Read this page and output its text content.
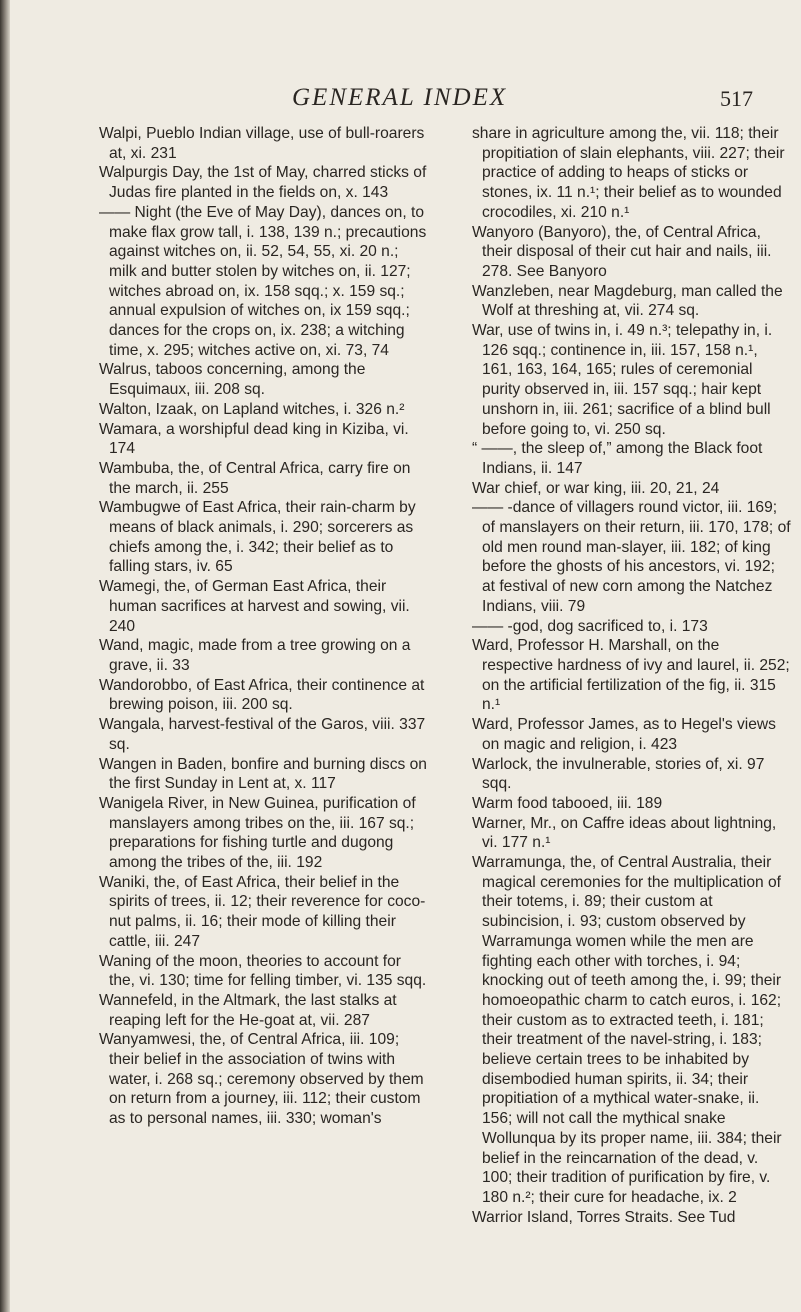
GENERAL INDEX	517

Walpi, Pueblo Indian village, use of bull-roarers at, xi. 231

Walpurgis Day, the 1st of May, charred sticks of Judas fire planted in the fields on, x. 143

—— Night (the Eve of May Day), dances on, to make flax grow tall, i. 138, 139 n.; precautions against witches on, ii. 52, 54, 55, xi. 20 n.; milk and butter stolen by witches on, ii. 127; witches abroad on, ix. 158 sqq.; x. 159 sq.; annual expulsion of witches on, ix 159 sqq.; dances for the crops on, ix. 238; a witching time, x. 295; witches active on, xi. 73, 74

Walrus, taboos concerning, among the Esquimaux, iii. 208 sq.

Walton, Izaak, on Lapland witches, i. 326 n.²

Wamara, a worshipful dead king in Kiziba, vi. 174

Wambuba, the, of Central Africa, carry fire on the march, ii. 255

Wambugwe of East Africa, their rain-charm by means of black animals, i. 290; sorcerers as chiefs among the, i. 342; their belief as to falling stars, iv. 65

Wamegi, the, of German East Africa, their human sacrifices at harvest and sowing, vii. 240

Wand, magic, made from a tree growing on a grave, ii. 33

Wandorobbo, of East Africa, their continence at brewing poison, iii. 200 sq.

Wangala, harvest-festival of the Garos, viii. 337 sq.

Wangen in Baden, bonfire and burning discs on the first Sunday in Lent at, x. 117

Wanigela River, in New Guinea, purification of manslayers among tribes on the, iii. 167 sq.; preparations for fishing turtle and dugong among the tribes of the, iii. 192

Waniki, the, of East Africa, their belief in the spirits of trees, ii. 12; their reverence for coco-nut palms, ii. 16; their mode of killing their cattle, iii. 247

Waning of the moon, theories to account for the, vi. 130; time for felling timber, vi. 135 sqq.

Wannefeld, in the Altmark, the last stalks at reaping left for the He-goat at, vii. 287

Wanyamwesi, the, of Central Africa, iii. 109; their belief in the association of twins with water, i. 268 sq.; ceremony observed by them on return from a journey, iii. 112; their custom as to personal names, iii. 330; woman's

share in agriculture among the, vii. 118; their propitiation of slain elephants, viii. 227; their practice of adding to heaps of sticks or stones, ix. 11 n.¹; their belief as to wounded crocodiles, xi. 210 n.¹

Wanyoro (Banyoro), the, of Central Africa, their disposal of their cut hair and nails, iii. 278. See Banyoro

Wanzleben, near Magdeburg, man called the Wolf at threshing at, vii. 274 sq.

War, use of twins in, i. 49 n.³; telepathy in, i. 126 sqq.; continence in, iii. 157, 158 n.¹, 161, 163, 164, 165; rules of ceremonial purity observed in, iii. 157 sqq.; hair kept unshorn in, iii. 261; sacrifice of a blind bull before going to, vi. 250 sq.

“ ——, the sleep of,” among the Black foot Indians, ii. 147

War chief, or war king, iii. 20, 21, 24

—— -dance of villagers round victor, iii. 169; of manslayers on their return, iii. 170, 178; of old men round man-slayer, iii. 182; of king before the ghosts of his ancestors, vi. 192; at festival of new corn among the Natchez Indians, viii. 79

—— -god, dog sacrificed to, i. 173

Ward, Professor H. Marshall, on the respective hardness of ivy and laurel, ii. 252; on the artificial fertilization of the fig, ii. 315 n.¹

Ward, Professor James, as to Hegel's views on magic and religion, i. 423

Warlock, the invulnerable, stories of, xi. 97 sqq.

Warm food tabooed, iii. 189

Warner, Mr., on Caffre ideas about lightning, vi. 177 n.¹

Warramunga, the, of Central Australia, their magical ceremonies for the multiplication of their totems, i. 89; their custom at subincision, i. 93; custom observed by Warramunga women while the men are fighting each other with torches, i. 94; knocking out of teeth among the, i. 99; their homoeopathic charm to catch euros, i. 162; their custom as to extracted teeth, i. 181; their treatment of the navel-string, i. 183; believe certain trees to be inhabited by disembodied human spirits, ii. 34; their propitiation of a mythical water-snake, ii. 156; will not call the mythical snake Wollunqua by its proper name, iii. 384; their belief in the reincarnation of the dead, v. 100; their tradition of purification by fire, v. 180 n.²; their cure for headache, ix. 2

Warrior Island, Torres Straits. See Tud
